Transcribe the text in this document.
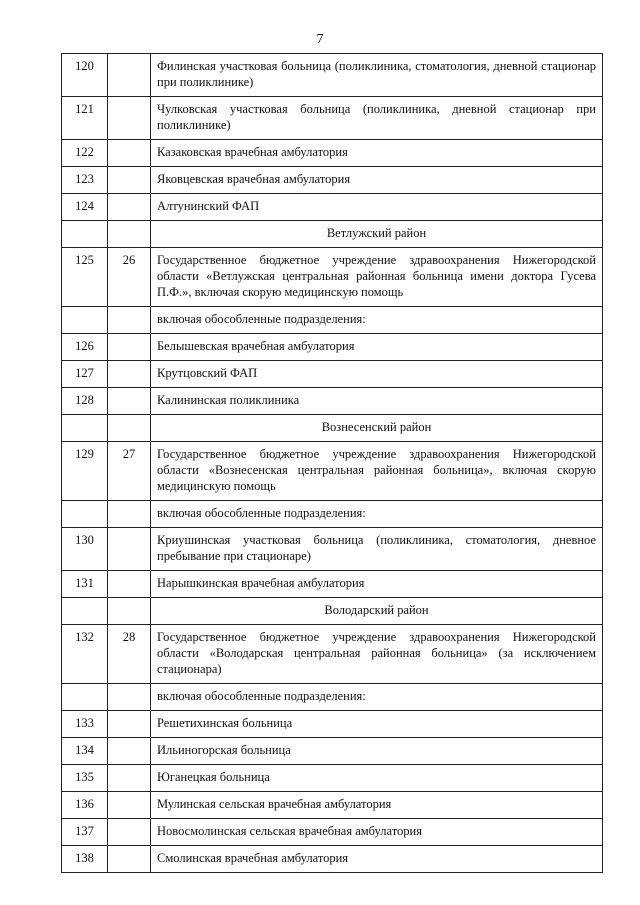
7
120		Филинская участковая больница (поликлиника, стоматология, дневной стационар при поликлинике)
121		Чулковская участковая больница (поликлиника, дневной стационар при поликлинике)
122		Казаковская врачебная амбулатория
123		Яковцевская врачебная амбулатория
124		Алтунинский ФАП
		Ветлужский район
125	26	Государственное бюджетное учреждение здравоохранения Нижегородской области «Ветлужская центральная районная больница имени доктора Гусева П.Ф.», включая скорую медицинскую помощь
		включая обособленные подразделения:
126		Белышевская врачебная амбулатория
127		Крутцовский ФАП
128		Калининская поликлиника
		Вознесенский район
129	27	Государственное бюджетное учреждение здравоохранения Нижегородской области «Вознесенская центральная районная больница», включая скорую медицинскую помощь
		включая обособленные подразделения:
130		Криушинская участковая больница (поликлиника, стоматология, дневное пребывание при стационаре)
131		Нарышкинская врачебная амбулатория
		Володарский район
132	28	Государственное бюджетное учреждение здравоохранения Нижегородской области «Володарская центральная районная больница» (за исключением стационара)
		включая обособленные подразделения:
133		Решетихинская больница
134		Ильиногорская больница
135		Юганецкая больница
136		Мулинская сельская врачебная амбулатория
137		Новосмолинская сельская врачебная амбулатория
138		Смолинская врачебная амбулатория
